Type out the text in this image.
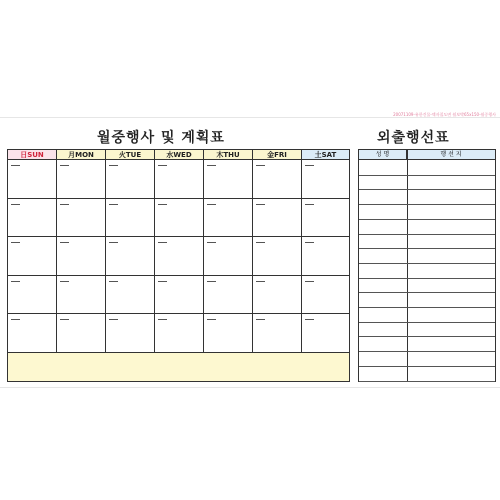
20071109-유한건물-액자칠도면 월보박65x150-월중행사
월중행사 및 계획표
日SUN	月MON	火TUE	水WED	木THU	金FRI	土SAT
외출행선표
성 명	행 선 지
